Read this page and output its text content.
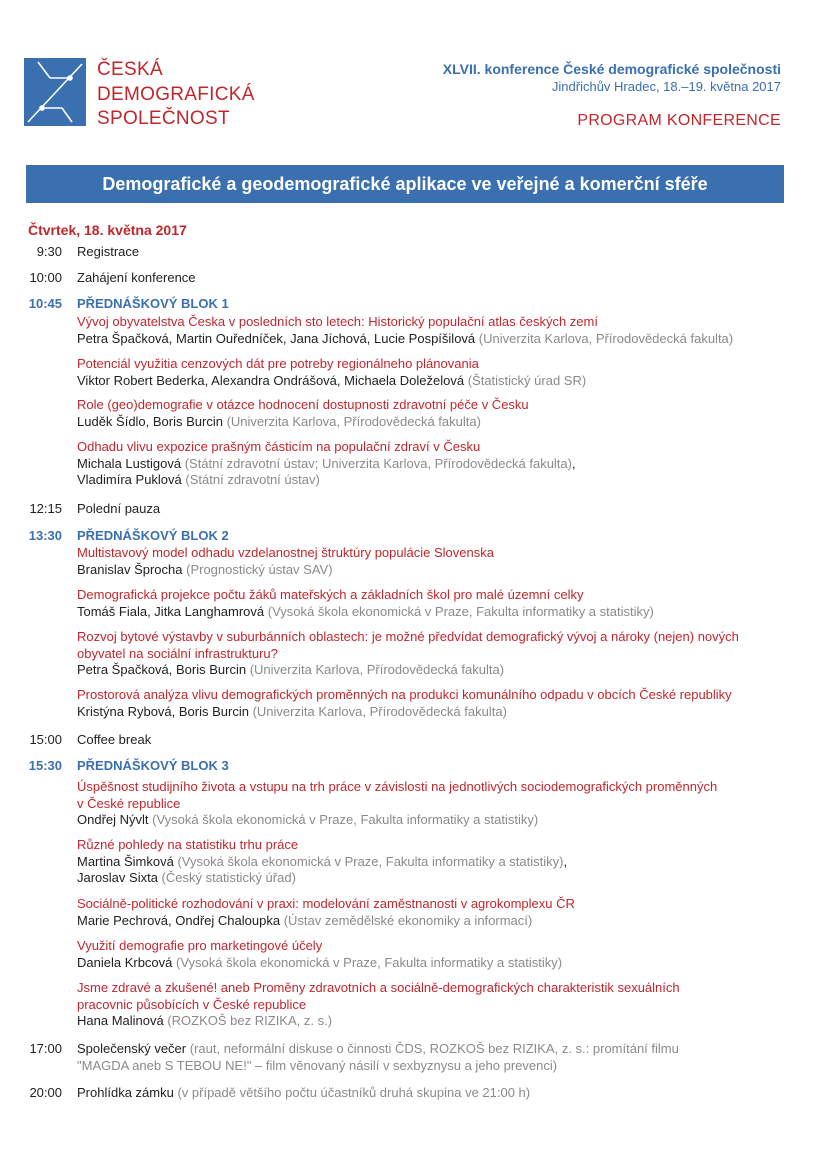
ČESKÁ
DEMOGRAFICKÁ
SPOLEČNOST
XLVII. konference České demografické společnosti
Jindřichův Hradec, 18.–19. května 2017
PROGRAM KONFERENCE
Demografické a geodemografické aplikace ve veřejné a komerční sféře
Čtvrtek, 18. května 2017
9:30 Registrace
10:00 Zahájení konference
10:45 PŘEDNÁŠKOVÝ BLOK 1
Vývoj obyvatelstva Česka v posledních sto letech: Historický populační atlas českých zemí
Petra Špačková, Martin Ouředníček, Jana Jíchová, Lucie Pospíšilová (Univerzita Karlova, Přírodovědecká fakulta)
Potenciál využitia cenzových dát pre potreby regionálneho plánovania
Viktor Robert Bederka, Alexandra Ondrášová, Michaela Doleželová (Štatistický úrad SR)
Role (geo)demografie v otázce hodnocení dostupnosti zdravotní péče v Česku
Luděk Šídlo, Boris Burcin (Univerzita Karlova, Přírodovědecká fakulta)
Odhadu vlivu expozice prašným částicím na populační zdraví v Česku
Michala Lustigová (Státní zdravotní ústav; Univerzita Karlova, Přírodovědecká fakulta),
Vladimíra Puklová (Státní zdravotní ústav)
12:15 Polední pauza
13:30 PŘEDNÁŠKOVÝ BLOK 2
Multistavový model odhadu vzdelanostnej štruktúry populácie Slovenska
Branislav Šprocha (Prognostický ústav SAV)
Demografická projekce počtu žáků mateřských a základních škol pro malé územní celky
Tomáš Fiala, Jitka Langhamrová (Vysoká škola ekonomická v Praze, Fakulta informatiky a statistiky)
Rozvoj bytové výstavby v suburbánních oblastech: je možné předvídat demografický vývoj a nároky (nejen) nových
obyvatel na sociální infrastrukturu?
Petra Špačková, Boris Burcin (Univerzita Karlova, Přírodovědecká fakulta)
Prostorová analýza vlivu demografických proměnných na produkci komunálního odpadu v obcích České republiky
Kristýna Rybová, Boris Burcin (Univerzita Karlova, Přírodovědecká fakulta)
15:00 Coffee break
15:30 PŘEDNÁŠKOVÝ BLOK 3
Úspěšnost studijního života a vstupu na trh práce v závislosti na jednotlivých sociodemografických proměnných
v České republice
Ondřej Nývlt (Vysoká škola ekonomická v Praze, Fakulta informatiky a statistiky)
Různé pohledy na statistiku trhu práce
Martina Šimková (Vysoká škola ekonomická v Praze, Fakulta informatiky a statistiky),
Jaroslav Sixta (Český statistický úřad)
Sociálně-politické rozhodování v praxi: modelování zaměstnanosti v agrokomplexu ČR
Marie Pechrová, Ondřej Chaloupka (Ústav zemědělské ekonomiky a informací)
Využití demografie pro marketingové účely
Daniela Krbcová (Vysoká škola ekonomická v Praze, Fakulta informatiky a statistiky)
Jsme zdravé a zkušené! aneb Proměny zdravotních a sociálně-demografických charakteristik sexuálních
pracovnic působících v České republice
Hana Malinová (ROZKOŠ bez RIZIKA, z. s.)
17:00 Společenský večer (raut, neformální diskuse o činnosti ČDS, ROZKOŠ bez RIZIKA, z. s.: promítání filmu
"MAGDA aneb S TEBOU NE!" – film věnovaný násilí v sexbyznysu a jeho prevenci)
20:00 Prohlídka zámku (v případě většího počtu účastníků druhá skupina ve 21:00 h)
